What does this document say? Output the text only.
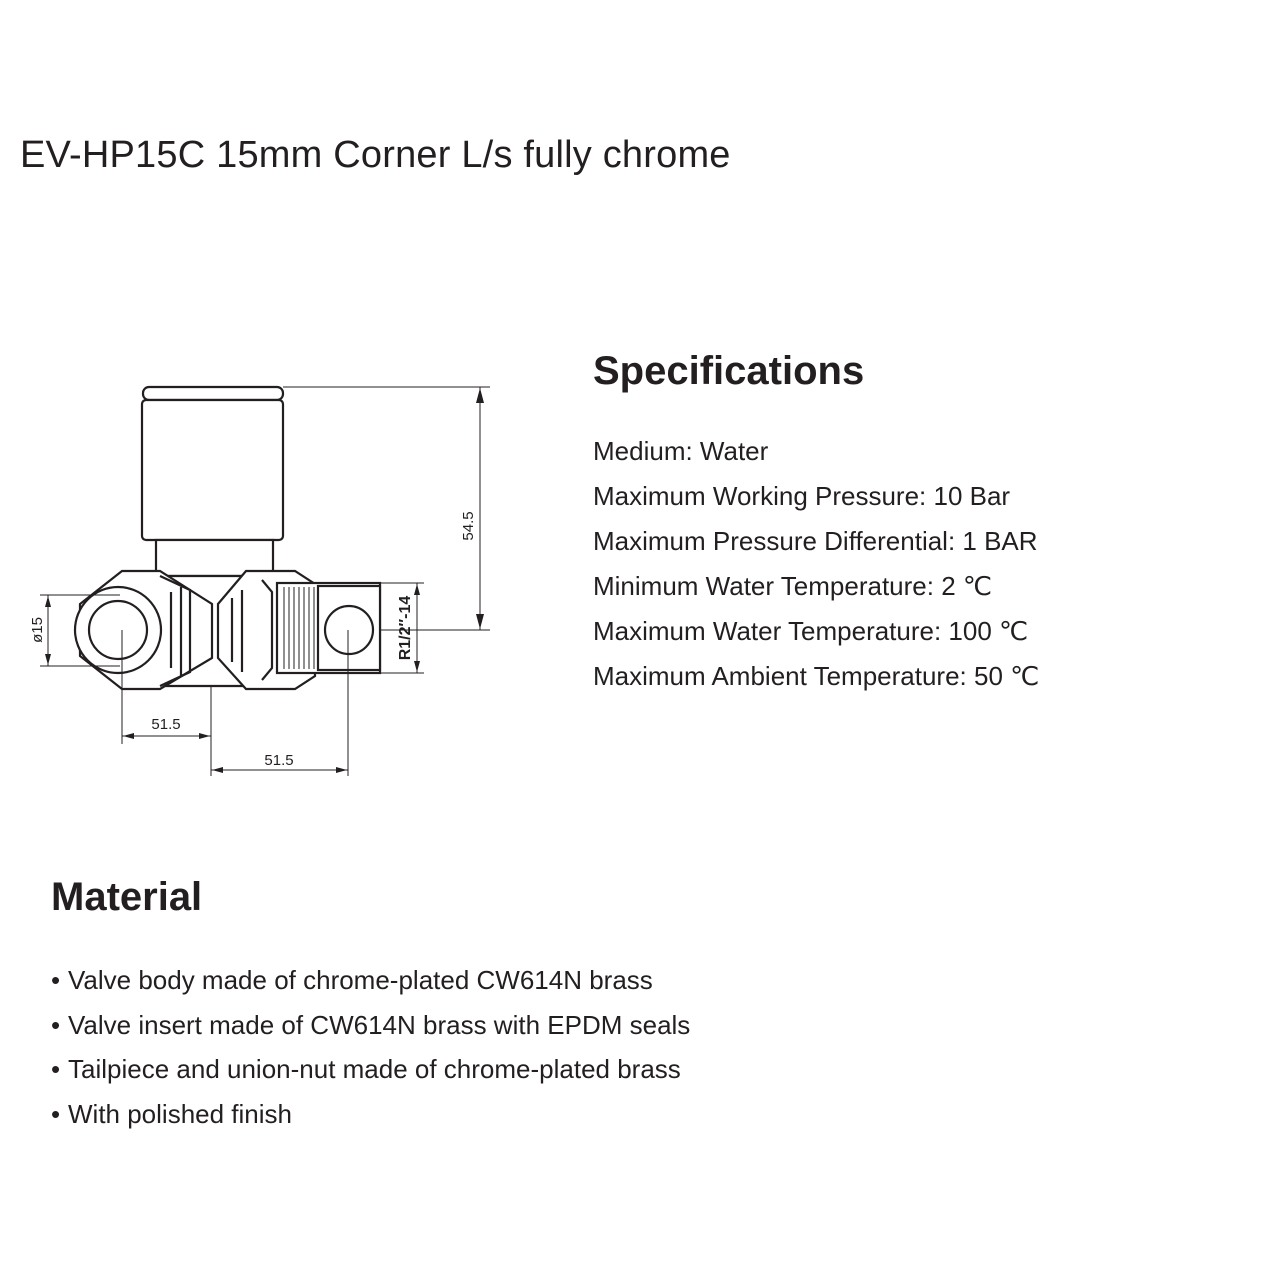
EV-HP15C 15mm Corner L/s fully chrome
54.5
ø15	R1/2″-14
51.5
51.5
Specifications
Medium: Water
Maximum Working Pressure: 10 Bar
Maximum Pressure Differential: 1 BAR
Minimum Water Temperature: 2 ℃
Maximum Water Temperature: 100 ℃
Maximum Ambient Temperature: 50 ℃
Material
• Valve body made of chrome-plated CW614N brass
• Valve insert made of CW614N brass with EPDM seals
• Tailpiece and union-nut made of chrome-plated brass
• With polished finish
